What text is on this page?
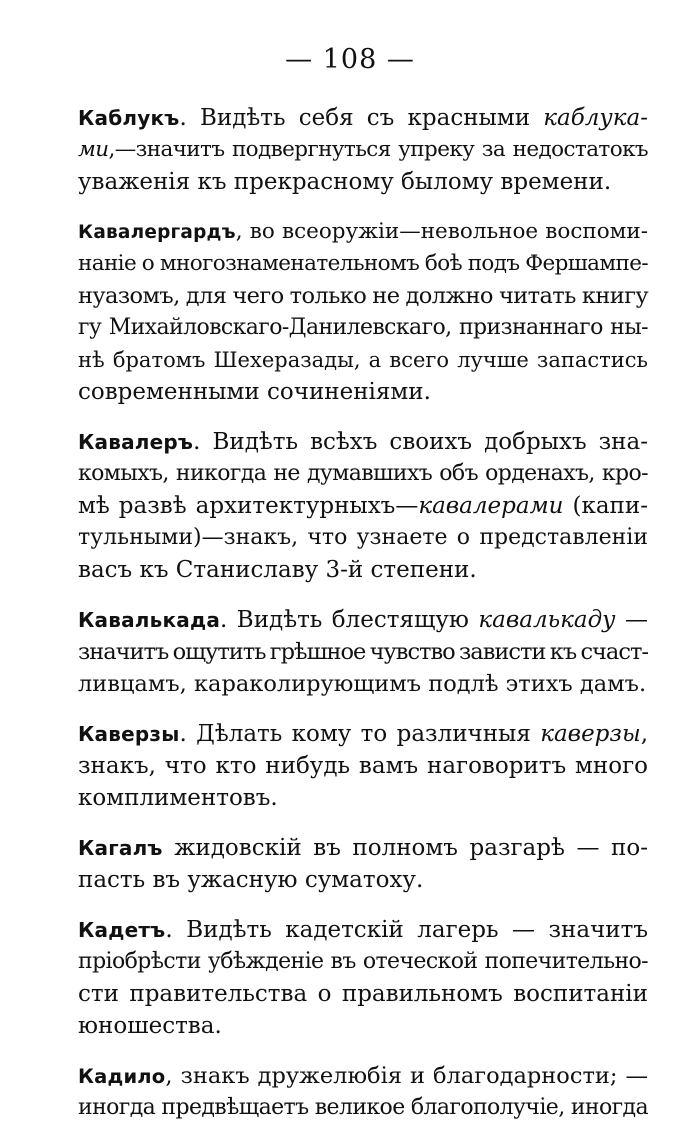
— 108 —
Каблукъ. Видѣть себя съ красными каблука-
ми,—значитъ подвергнуться упреку за недостатокъ
уваженія къ прекрасному былому времени.
Кавалергардъ, во всеоружіи—невольное воспоми-
наніе о многознаменательномъ боѣ подъ Фершампе-
нуазомъ, для чего только не должно читать книгу
гу Михайловскаго-Данилевскаго, признаннаго ны-
нѣ братомъ Шехеразады, а всего лучше запастись
современными сочиненіями.
Кавалеръ. Видѣть всѣхъ своихъ добрыхъ зна-
комыхъ, никогда не думавшихъ объ орденахъ, кро-
мѣ развѣ архитектурныхъ—кавалерами (капи-
тульными)—знакъ, что узнаете о представленіи
васъ къ Станиславу 3-й степени.
Кавалькада. Видѣть блестящую кавалькаду —
значитъ ощутить грѣшное чувство зависти къ счаст-
ливцамъ, караколирующимъ подлѣ этихъ дамъ.
Каверзы. Дѣлать кому то различныя каверзы,
знакъ, что кто нибудь вамъ наговоритъ много
комплиментовъ.
Кагалъ жидовскій въ полномъ разгарѣ — по-
пасть въ ужасную суматоху.
Кадетъ. Видѣть кадетскій лагерь — значитъ
пріобрѣсти убѣжденіе въ отеческой попечительно-
сти правительства о правильномъ воспитаніи
юношества.
Кадило, знакъ дружелюбія и благодарности; —
иногда предвѣщаетъ великое благополучіе, иногда
